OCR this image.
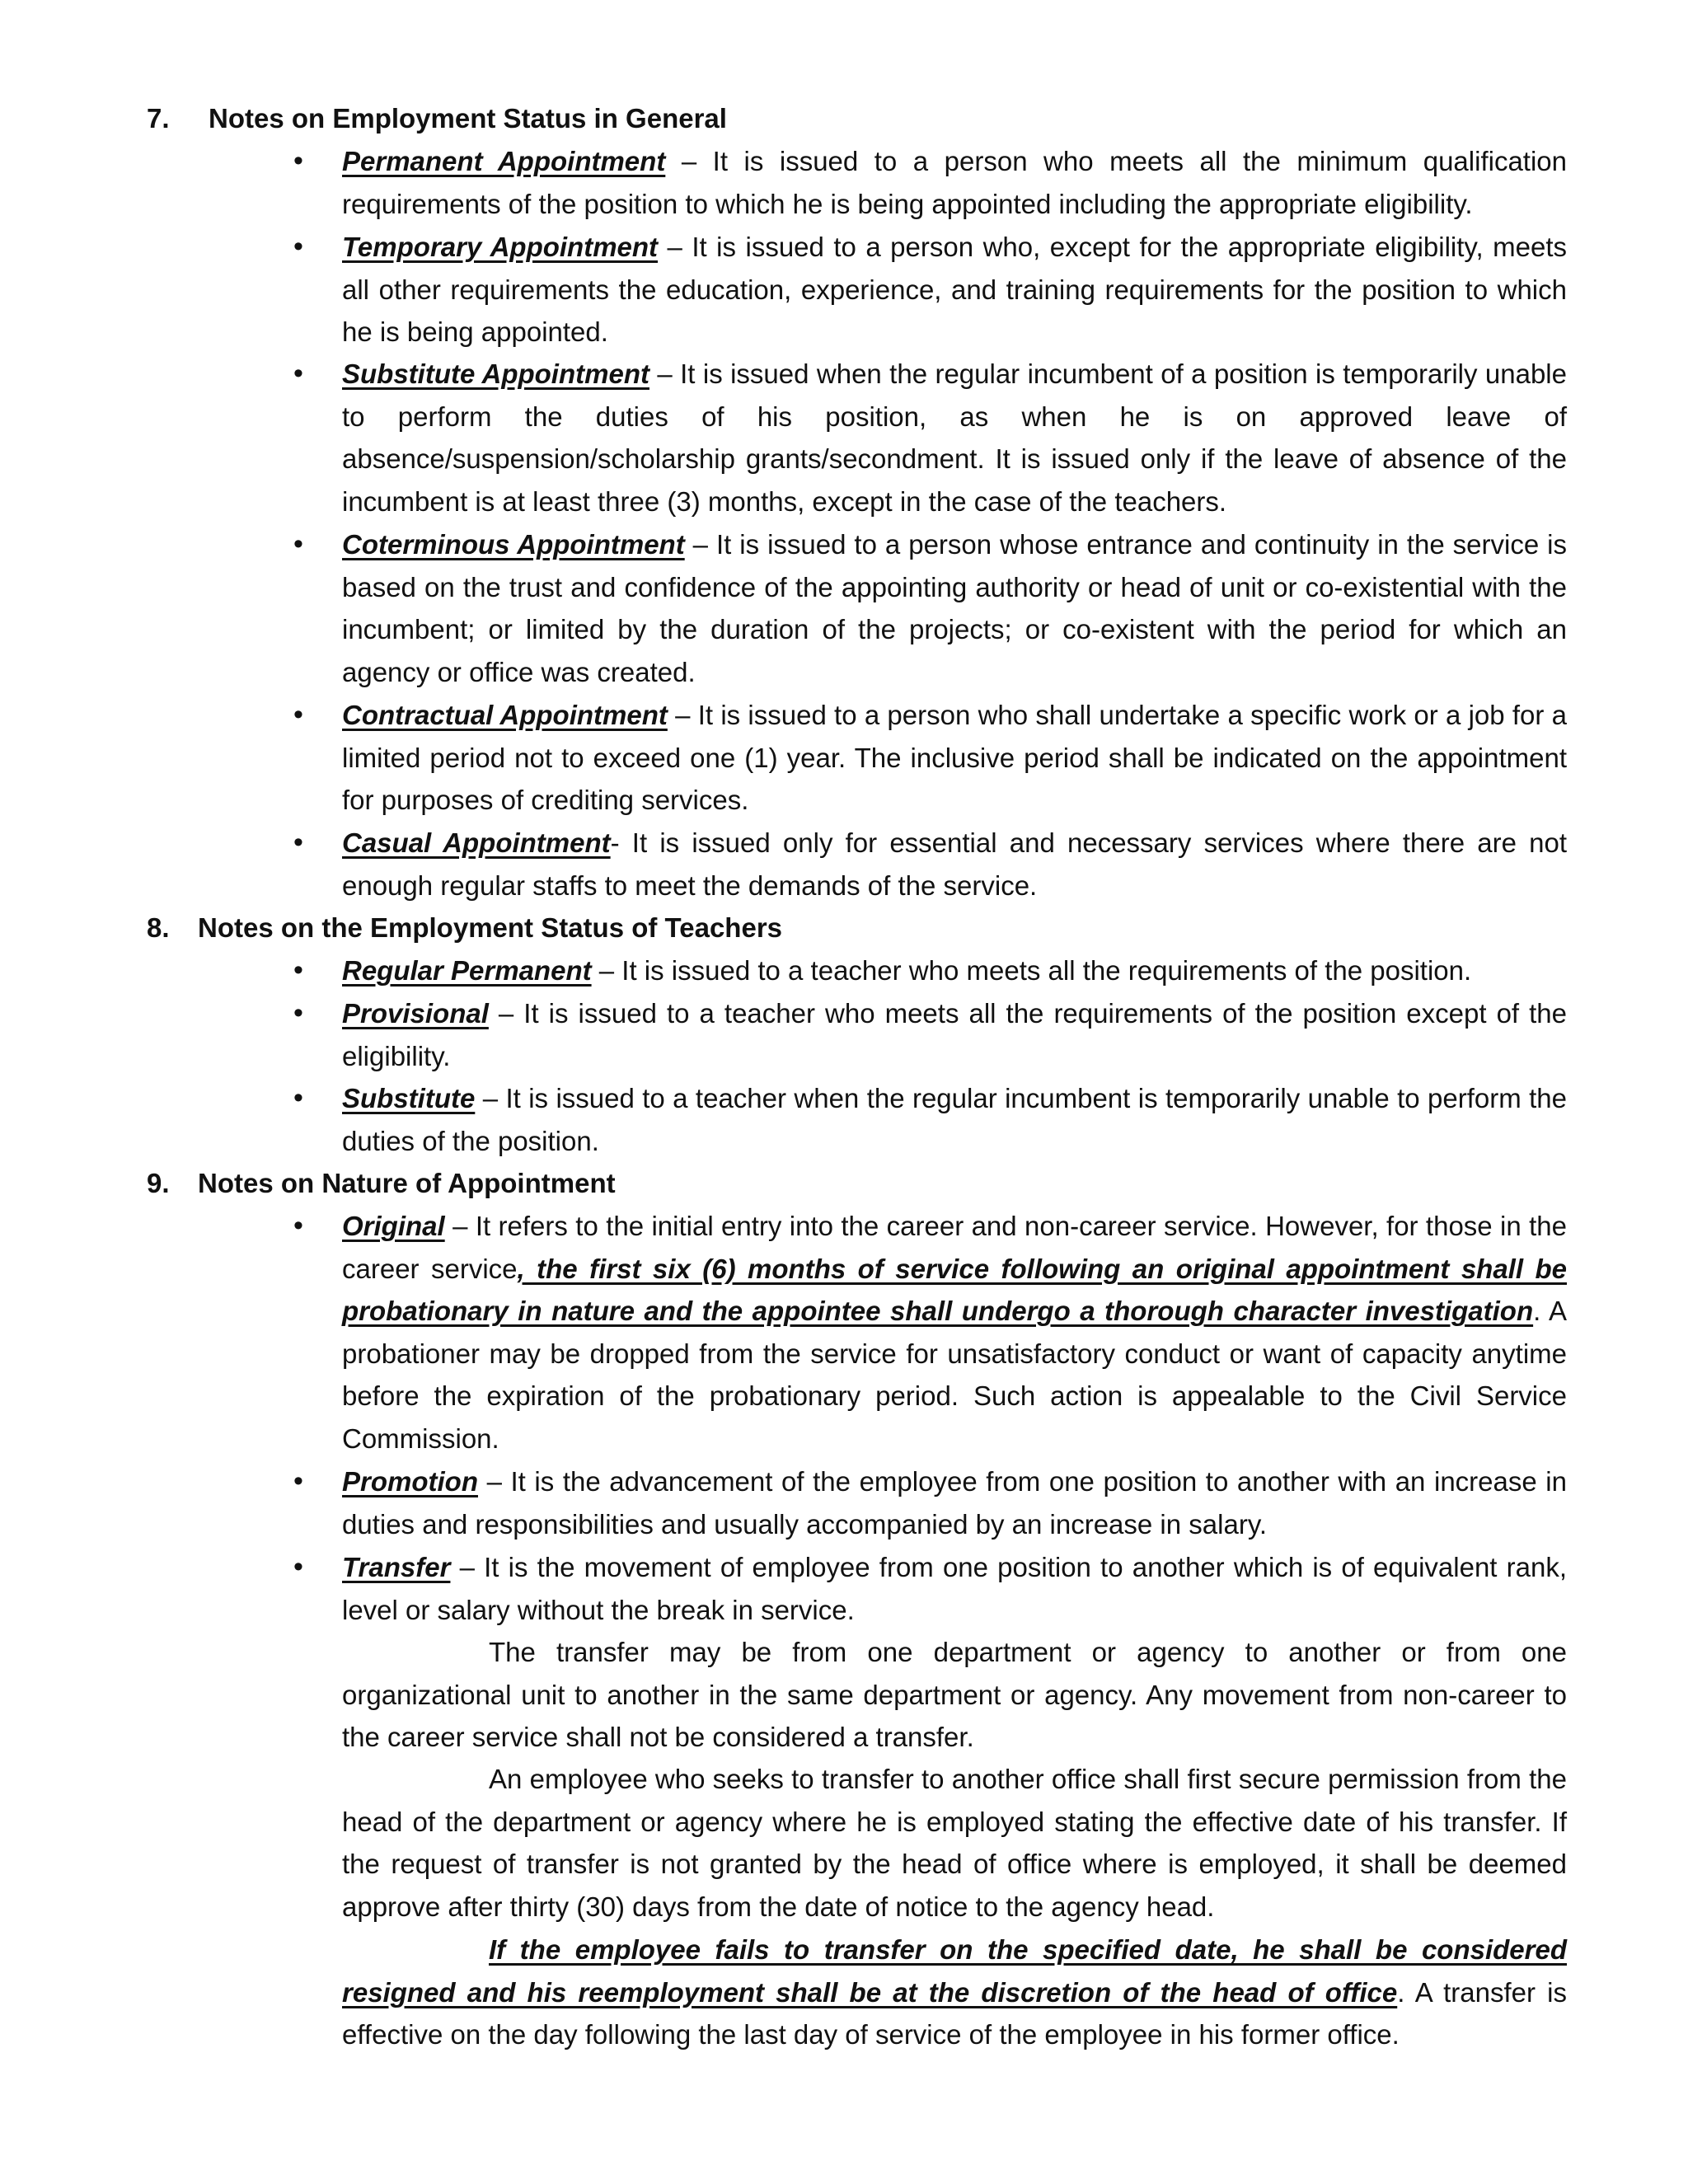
7. Notes on Employment Status in General
• Permanent Appointment – It is issued to a person who meets all the minimum qualification requirements of the position to which he is being appointed including the appropriate eligibility.
• Temporary Appointment – It is issued to a person who, except for the appropriate eligibility, meets all other requirements the education, experience, and training requirements for the position to which he is being appointed.
• Substitute Appointment – It is issued when the regular incumbent of a position is temporarily unable to perform the duties of his position, as when he is on approved leave of absence/suspension/scholarship grants/secondment. It is issued only if the leave of absence of the incumbent is at least three (3) months, except in the case of the teachers.
• Coterminous Appointment – It is issued to a person whose entrance and continuity in the service is based on the trust and confidence of the appointing authority or head of unit or co-existential with the incumbent; or limited by the duration of the projects; or co-existent with the period for which an agency or office was created.
• Contractual Appointment – It is issued to a person who shall undertake a specific work or a job for a limited period not to exceed one (1) year. The inclusive period shall be indicated on the appointment for purposes of crediting services.
• Casual Appointment- It is issued only for essential and necessary services where there are not enough regular staffs to meet the demands of the service.
8. Notes on the Employment Status of Teachers
• Regular Permanent – It is issued to a teacher who meets all the requirements of the position.
• Provisional – It is issued to a teacher who meets all the requirements of the position except of the eligibility.
• Substitute – It is issued to a teacher when the regular incumbent is temporarily unable to perform the duties of the position.
9. Notes on Nature of Appointment
• Original – It refers to the initial entry into the career and non-career service. However, for those in the career service, the first six (6) months of service following an original appointment shall be probationary in nature and the appointee shall undergo a thorough character investigation. A probationer may be dropped from the service for unsatisfactory conduct or want of capacity anytime before the expiration of the probationary period. Such action is appealable to the Civil Service Commission.
• Promotion – It is the advancement of the employee from one position to another with an increase in duties and responsibilities and usually accompanied by an increase in salary.
• Transfer – It is the movement of employee from one position to another which is of equivalent rank, level or salary without the break in service.
The transfer may be from one department or agency to another or from one organizational unit to another in the same department or agency. Any movement from non-career to the career service shall not be considered a transfer.
An employee who seeks to transfer to another office shall first secure permission from the head of the department or agency where he is employed stating the effective date of his transfer. If the request of transfer is not granted by the head of office where is employed, it shall be deemed approve after thirty (30) days from the date of notice to the agency head.
If the employee fails to transfer on the specified date, he shall be considered resigned and his reemployment shall be at the discretion of the head of office. A transfer is effective on the day following the last day of service of the employee in his former office.
